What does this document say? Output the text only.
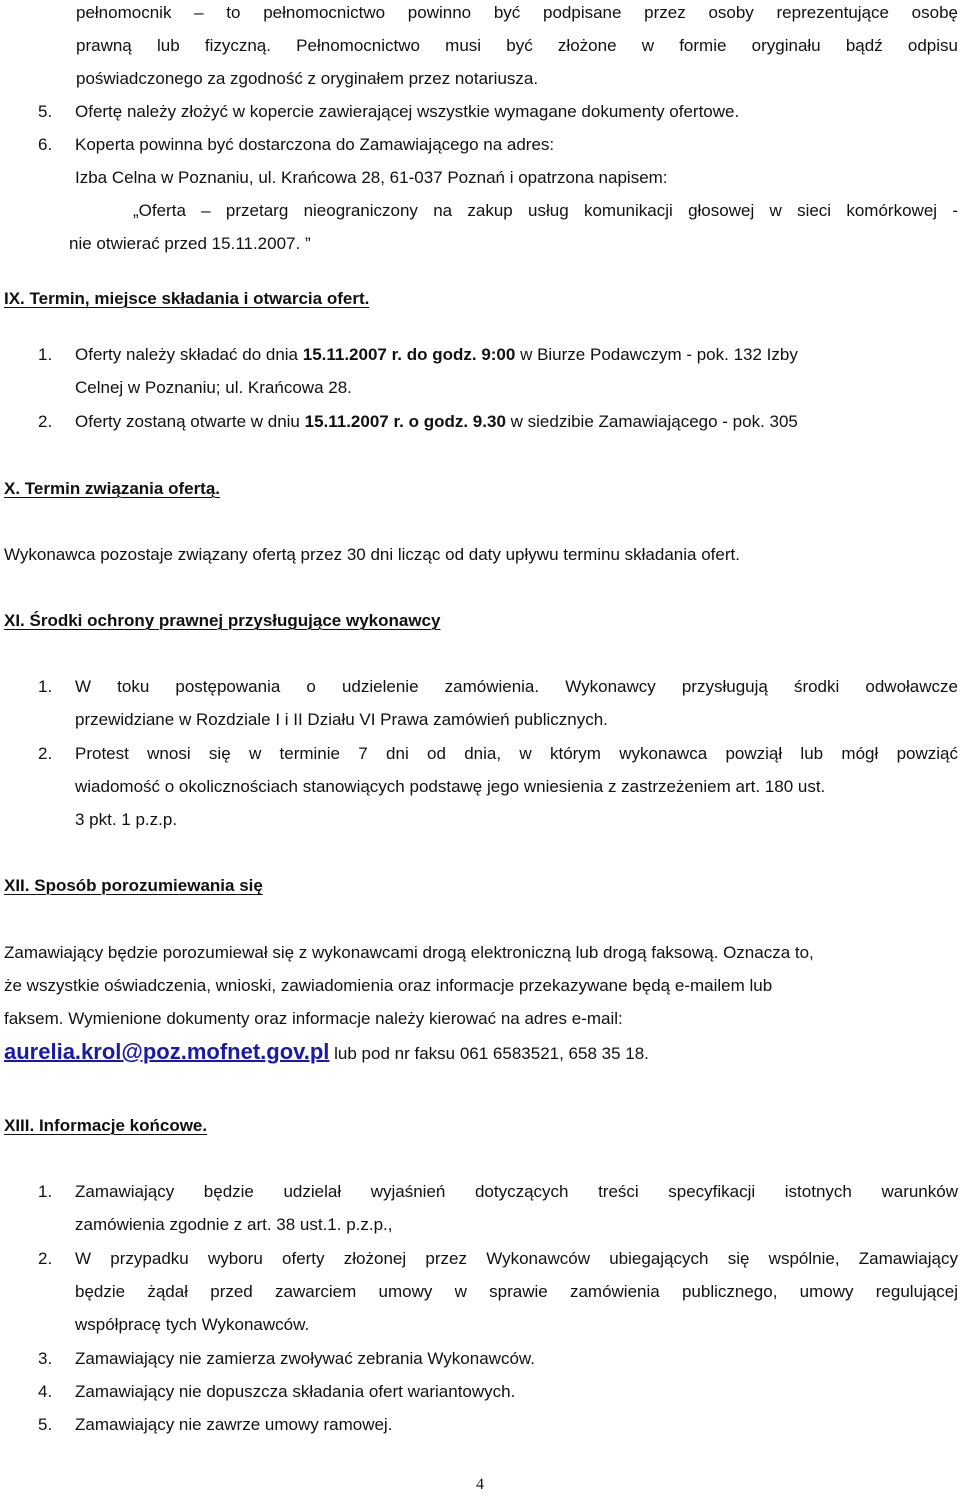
pełnomocnik – to pełnomocnictwo powinno być podpisane przez osoby reprezentujące osobę
prawną lub fizyczną. Pełnomocnictwo musi być złożone w formie oryginału bądź odpisu
poświadczonego za zgodność z oryginałem przez notariusza.
5.	Ofertę należy złożyć w kopercie zawierającej wszystkie wymagane dokumenty ofertowe.
6.	Koperta powinna być dostarczona do Zamawiającego na adres:
Izba Celna w Poznaniu, ul. Krańcowa 28, 61-037 Poznań i opatrzona napisem:
„Oferta – przetarg nieograniczony na zakup usług komunikacji głosowej w sieci komórkowej -
nie otwierać przed 15.11.2007. ”
IX. Termin, miejsce składania i otwarcia ofert.
1.	Oferty należy składać do dnia 15.11.2007 r. do godz. 9:00 w Biurze Podawczym - pok. 132 Izby
Celnej w Poznaniu; ul. Krańcowa 28.
2.	Oferty zostaną otwarte w dniu 15.11.2007 r. o godz. 9.30 w siedzibie Zamawiającego - pok. 305
X. Termin związania ofertą.
Wykonawca pozostaje związany ofertą przez 30 dni licząc od daty upływu terminu składania ofert.
XI. Środki ochrony prawnej przysługujące wykonawcy
1.	W toku postępowania o udzielenie zamówienia. Wykonawcy przysługują środki odwoławcze
przewidziane w Rozdziale I i II Działu VI Prawa zamówień publicznych.
2.	Protest wnosi się w terminie 7 dni od dnia, w którym wykonawca powziął lub mógł powziąć
wiadomość o okolicznościach stanowiących podstawę jego wniesienia z zastrzeżeniem art. 180 ust.
3 pkt. 1 p.z.p.
XII. Sposób porozumiewania się
Zamawiający będzie porozumiewał się z wykonawcami drogą elektroniczną lub drogą faksową. Oznacza to,
że wszystkie oświadczenia, wnioski, zawiadomienia oraz informacje przekazywane będą e-mailem lub
faksem. Wymienione dokumenty oraz informacje należy kierować na adres e-mail:
aurelia.krol@poz.mofnet.gov.pl lub pod nr faksu 061 6583521, 658 35 18.
XIII. Informacje końcowe.
1.	Zamawiający będzie udzielał wyjaśnień dotyczących treści specyfikacji istotnych warunków
zamówienia zgodnie z art. 38 ust.1. p.z.p.,
2.	W przypadku wyboru oferty złożonej przez Wykonawców ubiegających się wspólnie, Zamawiający
będzie żądał przed zawarciem umowy w sprawie zamówienia publicznego, umowy regulującej
współpracę tych Wykonawców.
3.	Zamawiający nie zamierza zwoływać zebrania Wykonawców.
4.	Zamawiający nie dopuszcza składania ofert wariantowych.
5.	Zamawiający nie zawrze umowy ramowej.
4
